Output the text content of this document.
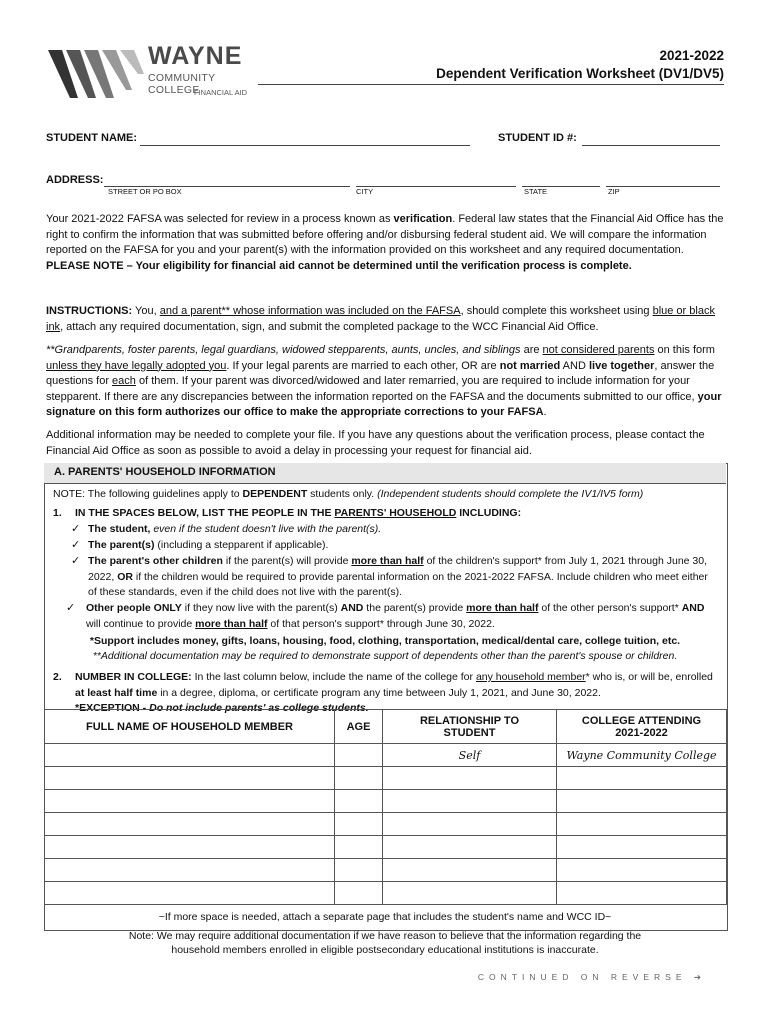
WAYNE
COMMUNITY COLLEGE
FINANCIAL AID
2021-2022
Dependent Verification Worksheet (DV1/DV5)
STUDENT NAME:	STUDENT ID #:
ADDRESS:
STREET OR PO BOX	CITY	STATE	ZIP

Your 2021-2022 FAFSA was selected for review in a process known as verification. Federal law states that the Financial Aid Office has the right to confirm the information that was submitted before offering and/or disbursing federal student aid. We will compare the information reported on the FAFSA for you and your parent(s) with the information provided on this worksheet and any required documentation. PLEASE NOTE – Your eligibility for financial aid cannot be determined until the verification process is complete.

INSTRUCTIONS: You, and a parent** whose information was included on the FAFSA, should complete this worksheet using blue or black ink, attach any required documentation, sign, and submit the completed package to the WCC Financial Aid Office.

**Grandparents, foster parents, legal guardians, widowed stepparents, aunts, uncles, and siblings are not considered parents on this form unless they have legally adopted you. If your legal parents are married to each other, OR are not married AND live together, answer the questions for each of them. If your parent was divorced/widowed and later remarried, you are required to include information for your stepparent. If there are any discrepancies between the information reported on the FAFSA and the documents submitted to our office, your signature on this form authorizes our office to make the appropriate corrections to your FAFSA.

Additional information may be needed to complete your file. If you have any questions about the verification process, please contact the Financial Aid Office as soon as possible to avoid a delay in processing your request for financial aid.

A. PARENTS' HOUSEHOLD INFORMATION
NOTE: The following guidelines apply to DEPENDENT students only. (Independent students should complete the IV1/IV5 form)
1. IN THE SPACES BELOW, LIST THE PEOPLE IN THE PARENTS' HOUSEHOLD INCLUDING:
✓ The student, even if the student doesn't live with the parent(s).
✓ The parent(s) (including a stepparent if applicable).
✓ The parent's other children if the parent(s) will provide more than half of the children's support* from July 1, 2021 through June 30, 2022, OR if the children would be required to provide parental information on the 2021-2022 FAFSA. Include children who meet either of these standards, even if the child does not live with the parent(s).
✓ Other people ONLY if they now live with the parent(s) AND the parent(s) provide more than half of the other person's support* AND will continue to provide more than half of that person's support* through June 30, 2022.
*Support includes money, gifts, loans, housing, food, clothing, transportation, medical/dental care, college tuition, etc.
**Additional documentation may be required to demonstrate support of dependents other than the parent's spouse or children.
2. NUMBER IN COLLEGE: In the last column below, include the name of the college for any household member* who is, or will be, enrolled at least half time in a degree, diploma, or certificate program any time between July 1, 2021, and June 30, 2022.
*EXCEPTION - Do not include parents' as college students.
FULL NAME OF HOUSEHOLD MEMBER	AGE	RELATIONSHIP TO STUDENT	COLLEGE ATTENDING 2021-2022
		Self	Wayne Community College

~If more space is needed, attach a separate page that includes the student's name and WCC ID~
Note: We may require additional documentation if we have reason to believe that the information regarding the
household members enrolled in eligible postsecondary educational institutions is inaccurate.
CONTINUED ON REVERSE ➔
